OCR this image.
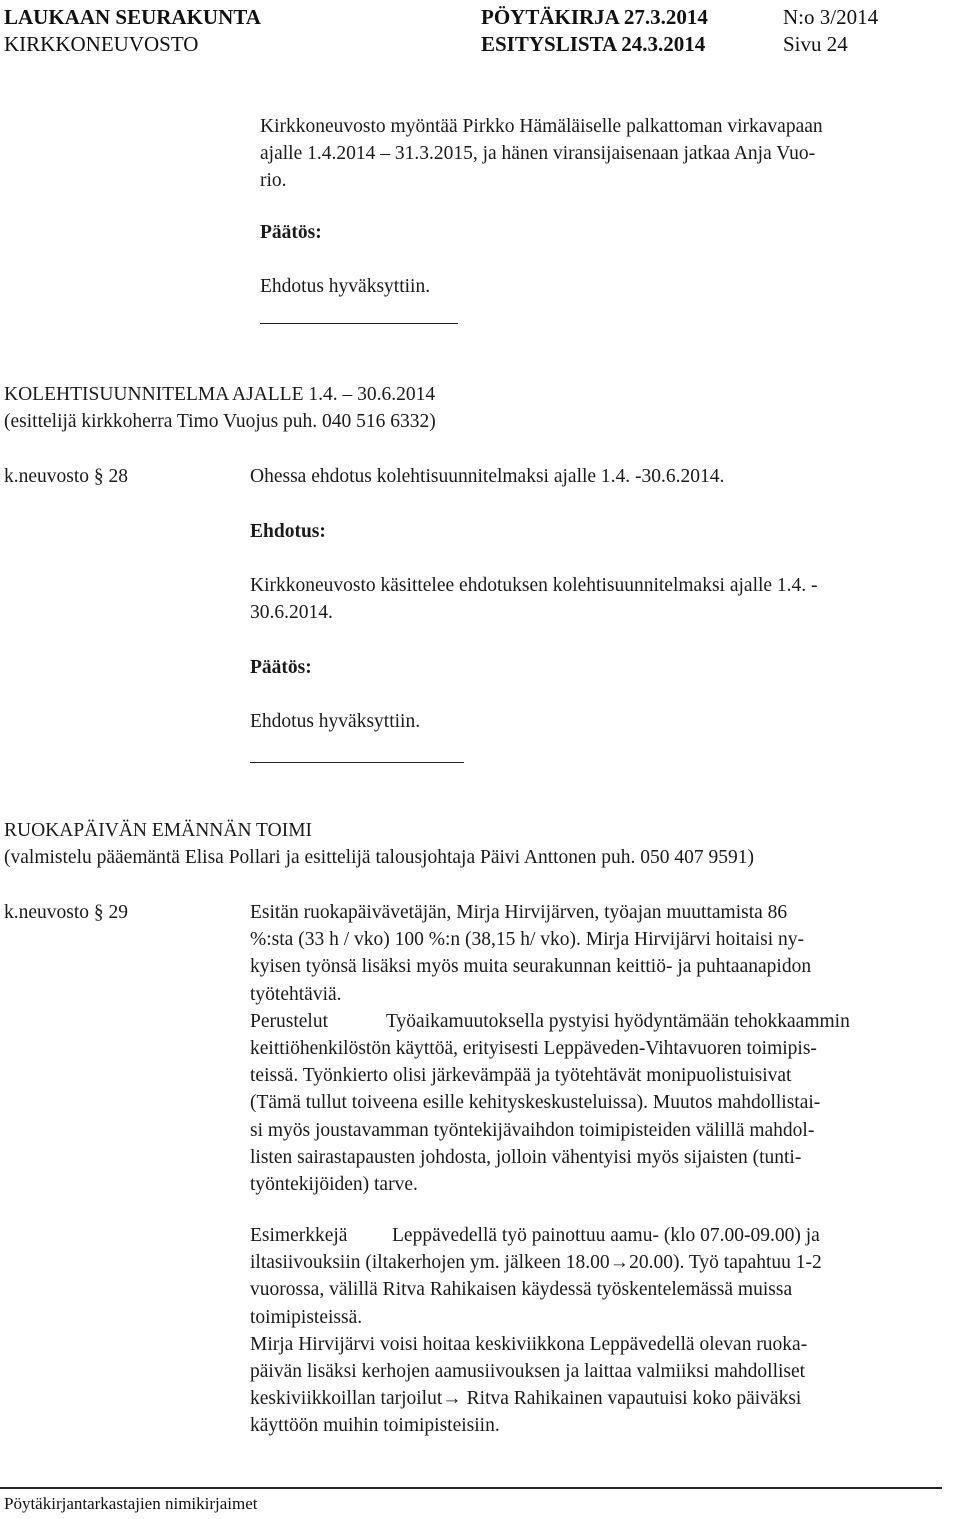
LAUKAAN SEURAKUNTA
KIRKKONEUVOSTO
PÖYTÄKIRJA 27.3.2014
ESITYSLISTA 24.3.2014
N:o 3/2014
Sivu 24
Kirkkoneuvosto myöntää Pirkko Hämäläiselle palkattoman virkavapaan
ajalle 1.4.2014 – 31.3.2015, ja hänen viransijaisenaan jatkaa Anja Vuo-
rio.
Päätös:
Ehdotus hyväksyttiin.
KOLEHTISUUNNITELMA AJALLE 1.4. – 30.6.2014
(esittelijä kirkkoherra Timo Vuojus puh. 040 516 6332)
k.neuvosto § 28	Ohessa ehdotus kolehtisuunnitelmaksi ajalle 1.4. -30.6.2014.
Ehdotus:
Kirkkoneuvosto käsittelee ehdotuksen kolehtisuunnitelmaksi ajalle 1.4. -
30.6.2014.
Päätös:
Ehdotus hyväksyttiin.
RUOKAPÄIVÄN EMÄNNÄN TOIMI
(valmistelu pääemäntä Elisa Pollari ja esittelijä talousjohtaja Päivi Anttonen puh. 050 407 9591)
k.neuvosto § 29	Esitän ruokapäivävetäjän, Mirja Hirvijärven, työajan muuttamista 86
%:sta (33 h / vko) 100 %:n (38,15 h/ vko). Mirja Hirvijärvi hoitaisi ny-
kyisen työnsä lisäksi myös muita seurakunnan keittiö- ja puhtaanapidon
työtehtäviä.
Perustelut	Työaikamuutoksella pystyisi hyödyntämään tehokkaammin
keittiöhenkilöstön käyttöä, erityisesti Leppäveden-Vihtavuoren toimipis-
teissä. Työnkierto olisi järkevämpää ja työtehtävät monipuolistuisivat
(Tämä tullut toiveena esille kehityskeskusteluissa). Muutos mahdollistai-
si myös joustavamman työntekijävaihdon toimipisteiden välillä mahdol-
listen sairastapausten johdosta, jolloin vähentyisi myös sijaisten (tunti-
työntekijöiden) tarve.
Esimerkkejä Leppävedellä työ painottuu aamu- (klo 07.00-09.00) ja
iltasiivouksiin (iltakerhojen ym. jälkeen 18.00→20.00). Työ tapahtuu 1-2
vuorossa, välillä Ritva Rahikaisen käydessä työskentelemässä muissa
toimipisteissä.
Mirja Hirvijärvi voisi hoitaa keskiviikkona Leppävedellä olevan ruoka-
päivän lisäksi kerhojen aamusiivouksen ja laittaa valmiiksi mahdolliset
keskiviikkoillan tarjoilut→ Ritva Rahikainen vapautuisi koko päiväksi
käyttöön muihin toimipisteisiin.
Pöytäkirjantarkastajien nimikirjaimet
